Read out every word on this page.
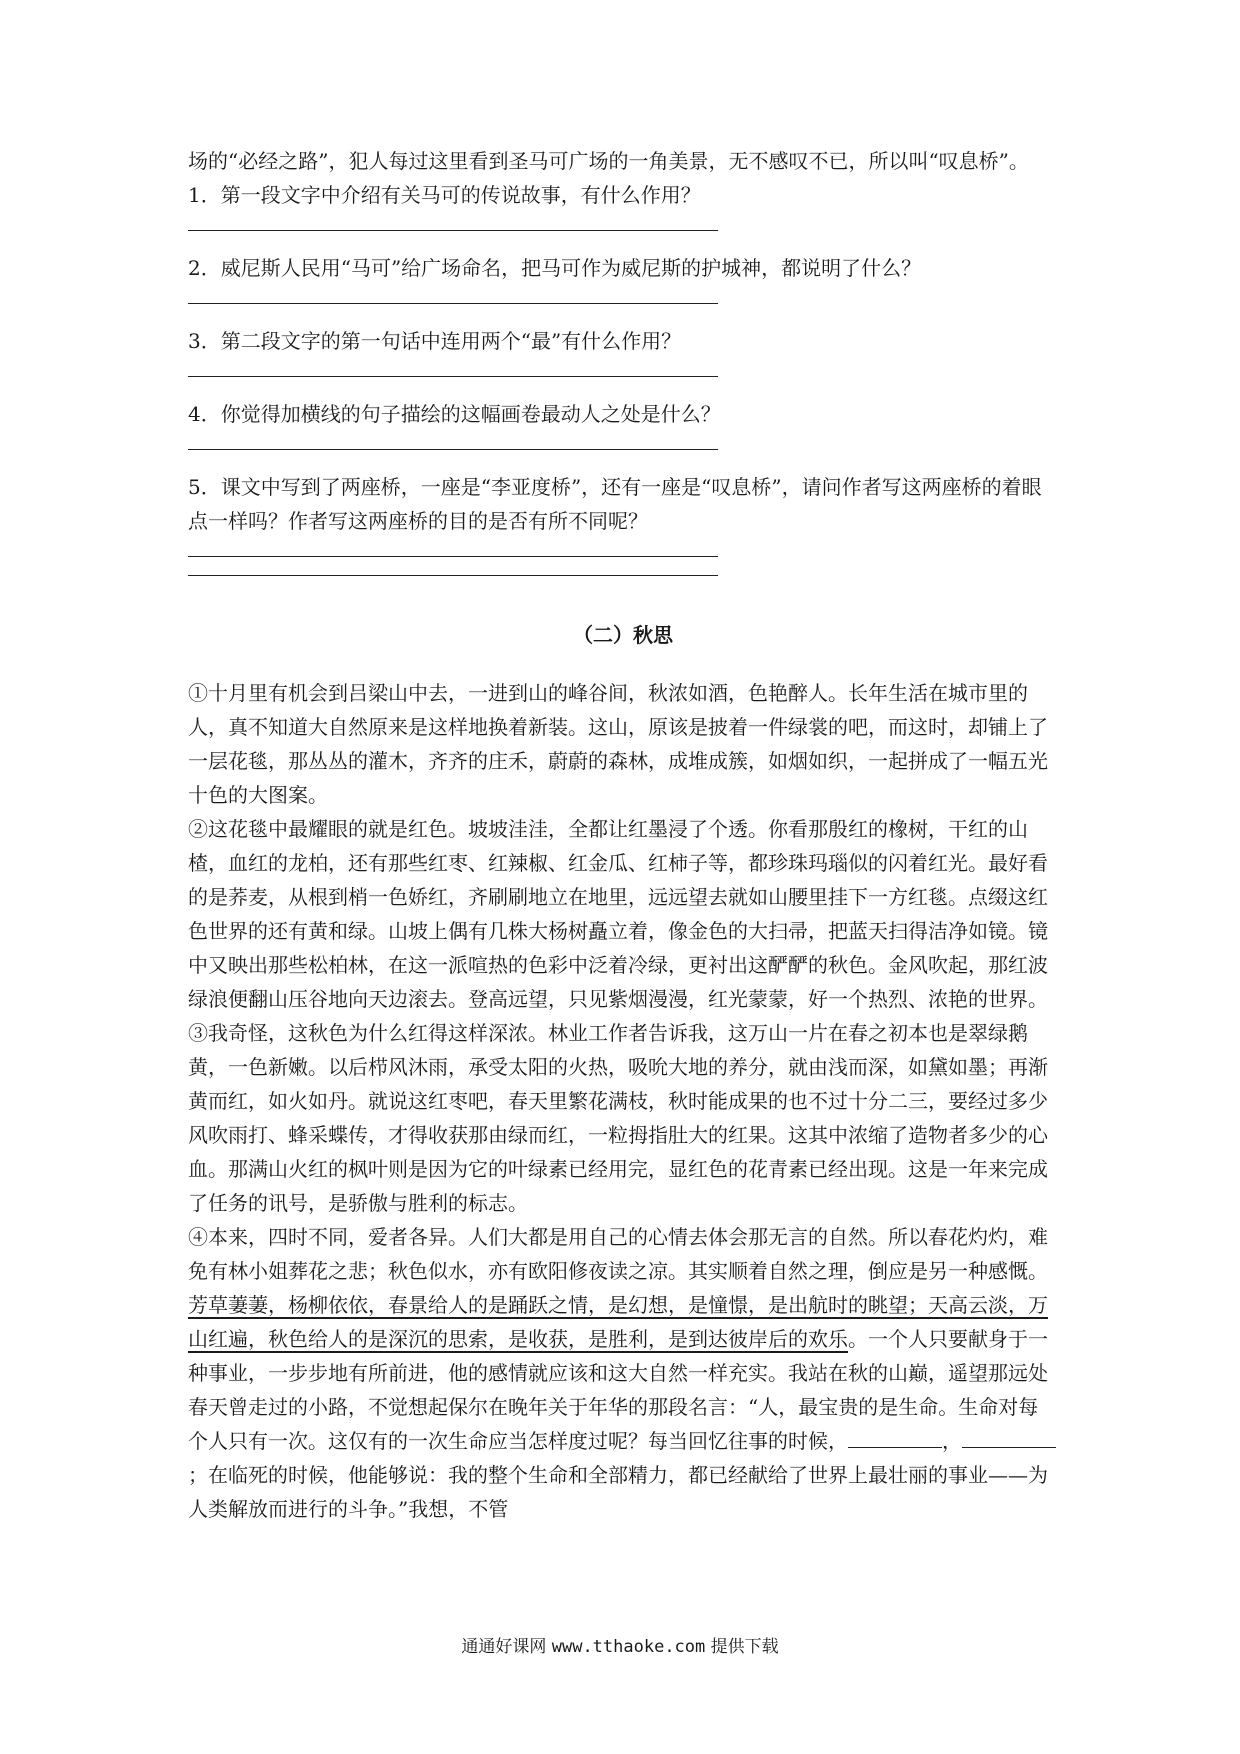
场的“必经之路”，犯人每过这里看到圣马可广场的一角美景，无不感叹不已，所以叫“叹息桥”。

1．第一段文字中介绍有关马可的传说故事，有什么作用？

2．威尼斯人民用“马可”给广场命名，把马可作为威尼斯的护城神，都说明了什么？

3．第二段文字的第一句话中连用两个“最”有什么作用？

4．你觉得加横线的句子描绘的这幅画卷最动人之处是什么？

5．课文中写到了两座桥，一座是“李亚度桥”，还有一座是“叹息桥”，请问作者写这两座桥的着眼点一样吗？作者写这两座桥的目的是否有所不同呢？

（二）秋思

①十月里有机会到吕梁山中去，一进到山的峰谷间，秋浓如酒，色艳醉人。长年生活在城市里的人，真不知道大自然原来是这样地换着新装。这山，原该是披着一件绿裳的吧，而这时，却铺上了一层花毯，那丛丛的灌木，齐齐的庄禾，蔚蔚的森林，成堆成簇，如烟如织，一起拼成了一幅五光十色的大图案。

②这花毯中最耀眼的就是红色。坡坡洼洼，全都让红墨浸了个透。你看那殷红的橡树，干红的山楂，血红的龙柏，还有那些红枣、红辣椒、红金瓜、红柿子等，都珍珠玛瑙似的闪着红光。最好看的是荞麦，从根到梢一色娇红，齐刷刷地立在地里，远远望去就如山腰里挂下一方红毯。点缀这红色世界的还有黄和绿。山坡上偶有几株大杨树矗立着，像金色的大扫帚，把蓝天扫得洁净如镜。镜中又映出那些松柏林，在这一派喧热的色彩中泛着冷绿，更衬出这酽酽的秋色。金风吹起，那红波绿浪便翻山压谷地向天边滚去。登高远望，只见紫烟漫漫，红光蒙蒙，好一个热烈、浓艳的世界。

③我奇怪，这秋色为什么红得这样深浓。林业工作者告诉我，这万山一片在春之初本也是翠绿鹅黄，一色新嫩。以后栉风沐雨，承受太阳的火热，吸吮大地的养分，就由浅而深，如黛如墨；再渐黄而红，如火如丹。就说这红枣吧，春天里繁花满枝，秋时能成果的也不过十分二三，要经过多少风吹雨打、蜂采蝶传，才得收获那由绿而红，一粒拇指肚大的红果。这其中浓缩了造物者多少的心血。那满山火红的枫叶则是因为它的叶绿素已经用完，显红色的花青素已经出现。这是一年来完成了任务的讯号，是骄傲与胜利的标志。

④本来，四时不同，爱者各异。人们大都是用自己的心情去体会那无言的自然。所以春花灼灼，难免有林小姐葬花之悲；秋色似水，亦有欧阳修夜读之凉。其实顺着自然之理，倒应是另一种感慨。芳草萋萋，杨柳依依，春景给人的是踊跃之情，是幻想，是憧憬，是出航时的眺望；天高云淡，万山红遍，秋色给人的是深沉的思索，是收获，是胜利，是到达彼岸后的欢乐。一个人只要献身于一种事业，一步步地有所前进，他的感情就应该和这大自然一样充实。我站在秋的山巅，遥望那远处春天曾走过的小路，不觉想起保尔在晚年关于年华的那段名言：“人，最宝贵的是生命。生命对每个人只有一次。这仅有的一次生命应当怎样度过呢？每当回忆往事的时候，	，；在临死的时候，他能够说：我的整个生命和全部精力，都已经献给了世界上最壮丽的事业——为人类解放而进行的斗争。”我想，不管

通通好课网 www.tthaoke.com 提供下载
